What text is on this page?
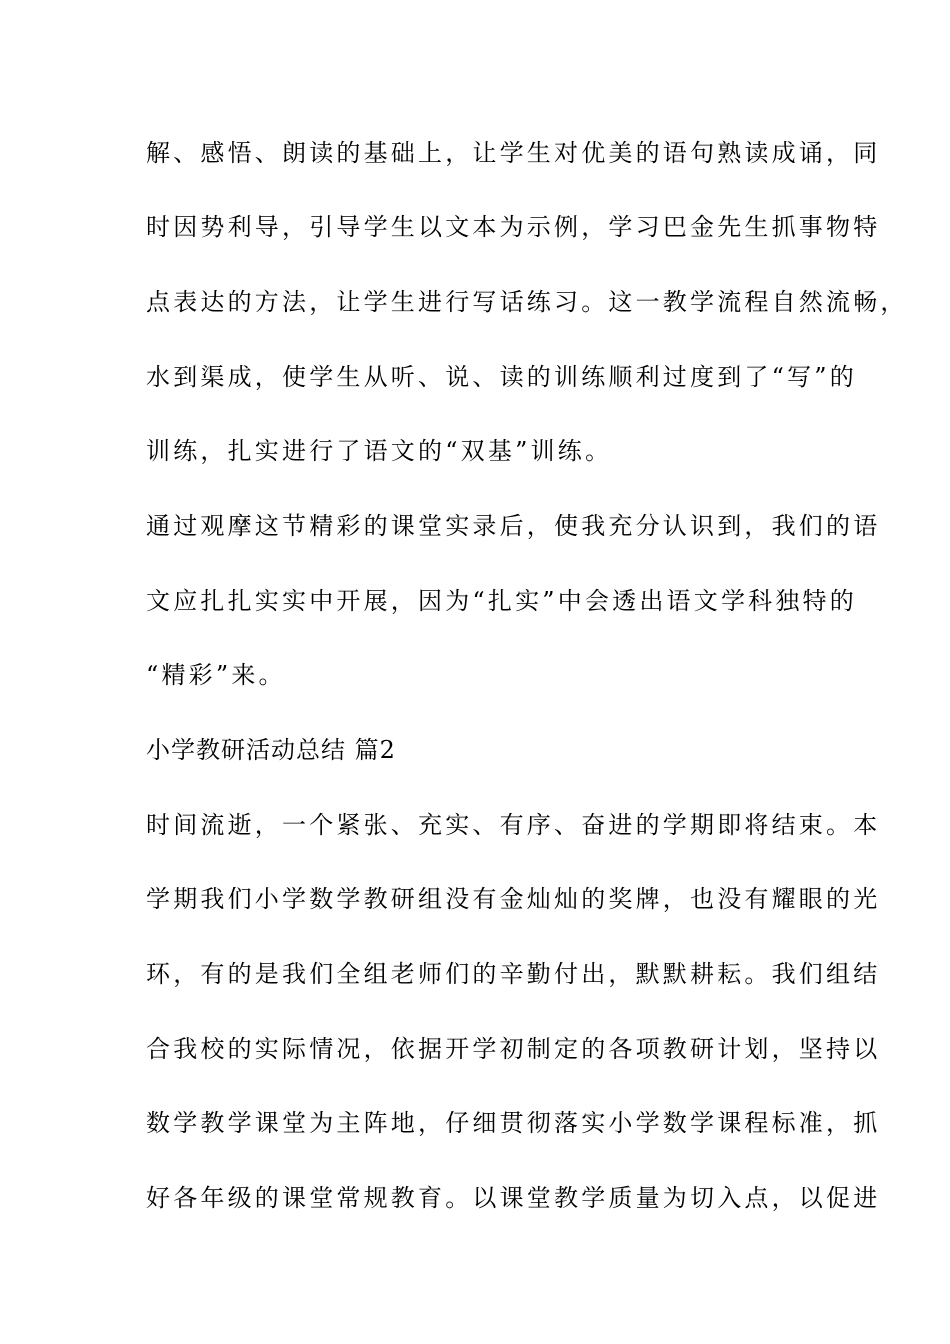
解、感悟、朗读的基础上，让学生对优美的语句熟读成诵，同
时因势利导，引导学生以文本为示例，学习巴金先生抓事物特
点表达的方法，让学生进行写话练习。这一教学流程自然流畅，
水到渠成，使学生从听、说、读的训练顺利过度到了“写”的
训练，扎实进行了语文的“双基”训练。
通过观摩这节精彩的课堂实录后，使我充分认识到，我们的语
文应扎扎实实中开展，因为“扎实”中会透出语文学科独特的
“精彩”来。
小学教研活动总结 篇2
时间流逝，一个紧张、充实、有序、奋进的学期即将结束。本
学期我们小学数学教研组没有金灿灿的奖牌，也没有耀眼的光
环，有的是我们全组老师们的辛勤付出，默默耕耘。我们组结
合我校的实际情况，依据开学初制定的各项教研计划，坚持以
数学教学课堂为主阵地，仔细贯彻落实小学数学课程标准，抓
好各年级的课堂常规教育。以课堂教学质量为切入点，以促进
